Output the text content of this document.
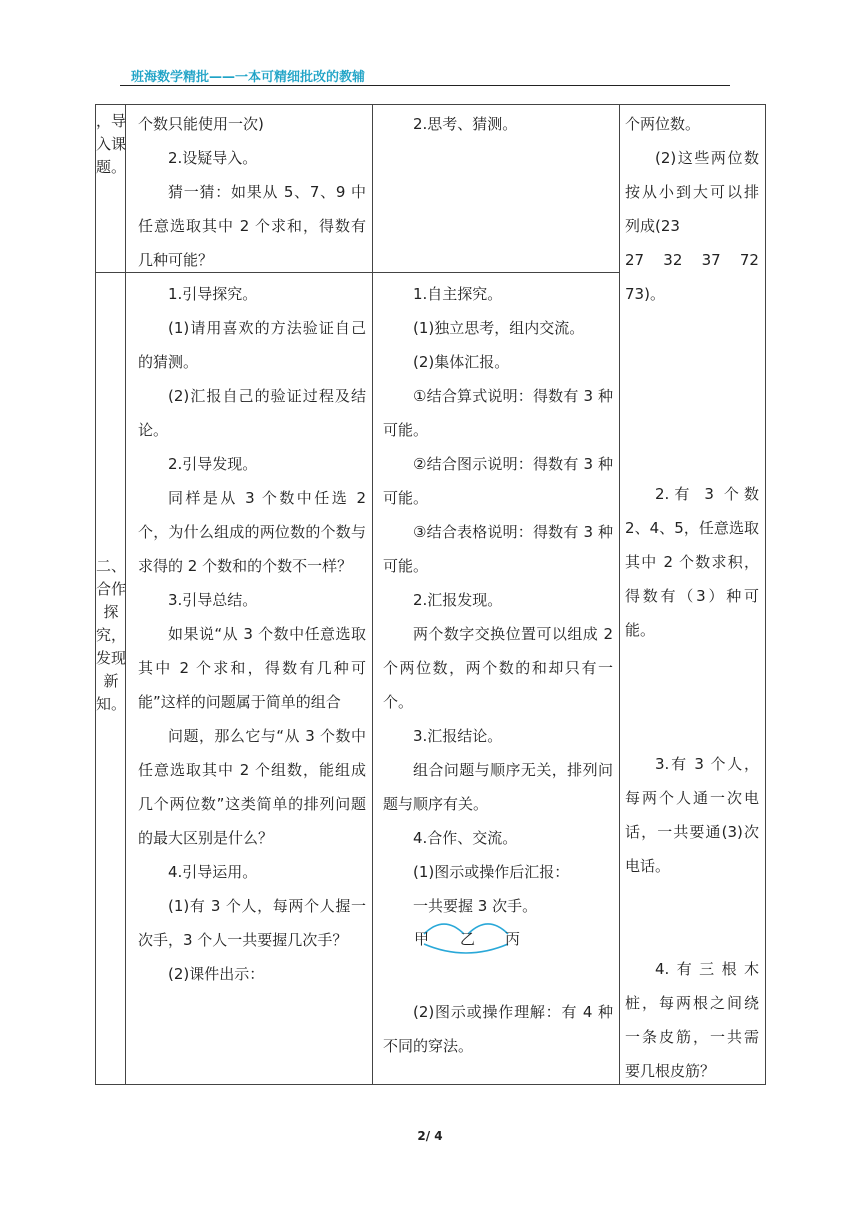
班海数学精批——一本可精细批改的教辅
，导入课题。

个数只能使用一次)

2.设疑导入。

猜一猜：如果从 5、7、9 中任意选取其中 2 个求和，得数有几种可能？

2.思考、猜测。

二、合作探究，发现新知。

1.引导探究。

(1)请用喜欢的方法验证自己的猜测。

(2)汇报自己的验证过程及结论。

2.引导发现。

同样是从 3 个数中任选 2 个，为什么组成的两位数的个数与求得的 2 个数和的个数不一样？

3.引导总结。

如果说“从 3 个数中任意选取其中 2 个求和，得数有几种可能”这样的问题属于简单的组合

问题，那么它与“从 3 个数中任意选取其中 2 个组数，能组成几个两位数”这类简单的排列问题的最大区别是什么？

4.引导运用。

(1)有 3 个人，每两个人握一次手，3 个人一共要握几次手？

(2)课件出示：

1.自主探究。

(1)独立思考，组内交流。

(2)集体汇报。

①结合算式说明：得数有 3 种可能。

②结合图示说明：得数有 3 种可能。

③结合表格说明：得数有 3 种可能。

2.汇报发现。

两个数字交换位置可以组成 2 个两位数，两个数的和却只有一个。

3.汇报结论。

组合问题与顺序无关，排列问题与顺序有关。

4.合作、交流。

(1)图示或操作后汇报：

一共要握 3 次手。

甲 乙 丙

(2)图示或操作理解：有 4 种不同的穿法。

个两位数。

(2)这些两位数按从小到大可以排列成(23

27 32 37 72

73)。

2.有 3 个数 2、4、5，任意选取其中 2 个数求积，得数有（3）种可能。

3.有 3 个人，每两个人通一次电话，一共要通(3)次电话。

4.有三根木桩，每两根之间绕一条皮筋，一共需要几根皮筋？

2/ 4
